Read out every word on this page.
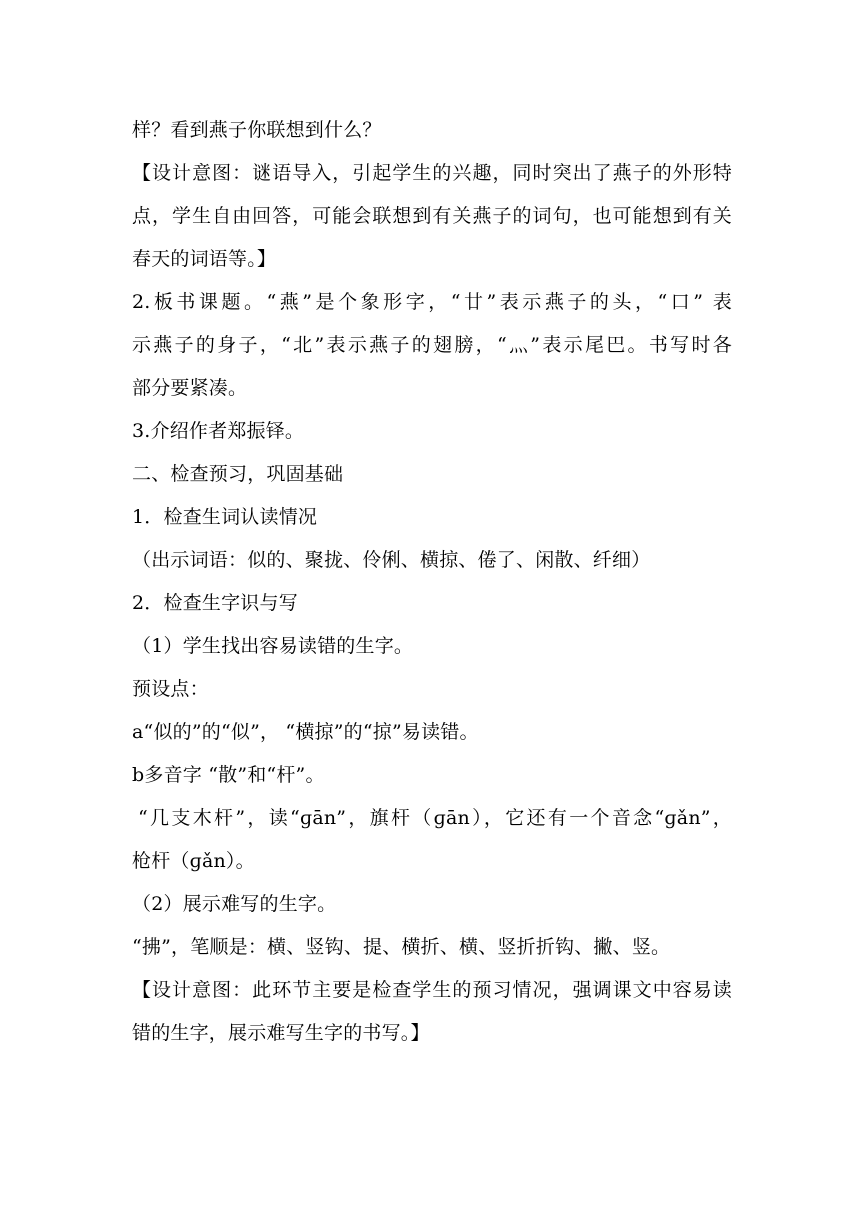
样？看到燕子你联想到什么？
【设计意图：谜语导入，引起学生的兴趣，同时突出了燕子的外形特
点，学生自由回答，可能会联想到有关燕子的词句，也可能想到有关
春天的词语等。】
2.板书课题。“燕”是个象形字，“廿”表示燕子的头，“口” 表
示燕子的身子，“北”表示燕子的翅膀，“灬”表示尾巴。书写时各
部分要紧凑。
3.介绍作者郑振铎。
二、检查预习，巩固基础
1．检查生词认读情况
（出示词语：似的、聚拢、伶俐、横掠、倦了、闲散、纤细）
2．检查生字识与写
（1）学生找出容易读错的生字。
预设点：
a“似的”的“似”， “横掠”的“掠”易读错。
b多音字 “散”和“杆”。
“几支木杆”，读“ɡān”，旗杆（ɡān），它还有一个音念“ɡǎn”，
枪杆（ɡǎn）。
（2）展示难写的生字。
“拂”，笔顺是：横、竖钩、提、横折、横、竖折折钩、撇、竖。
【设计意图：此环节主要是检查学生的预习情况，强调课文中容易读
错的生字，展示难写生字的书写。】
